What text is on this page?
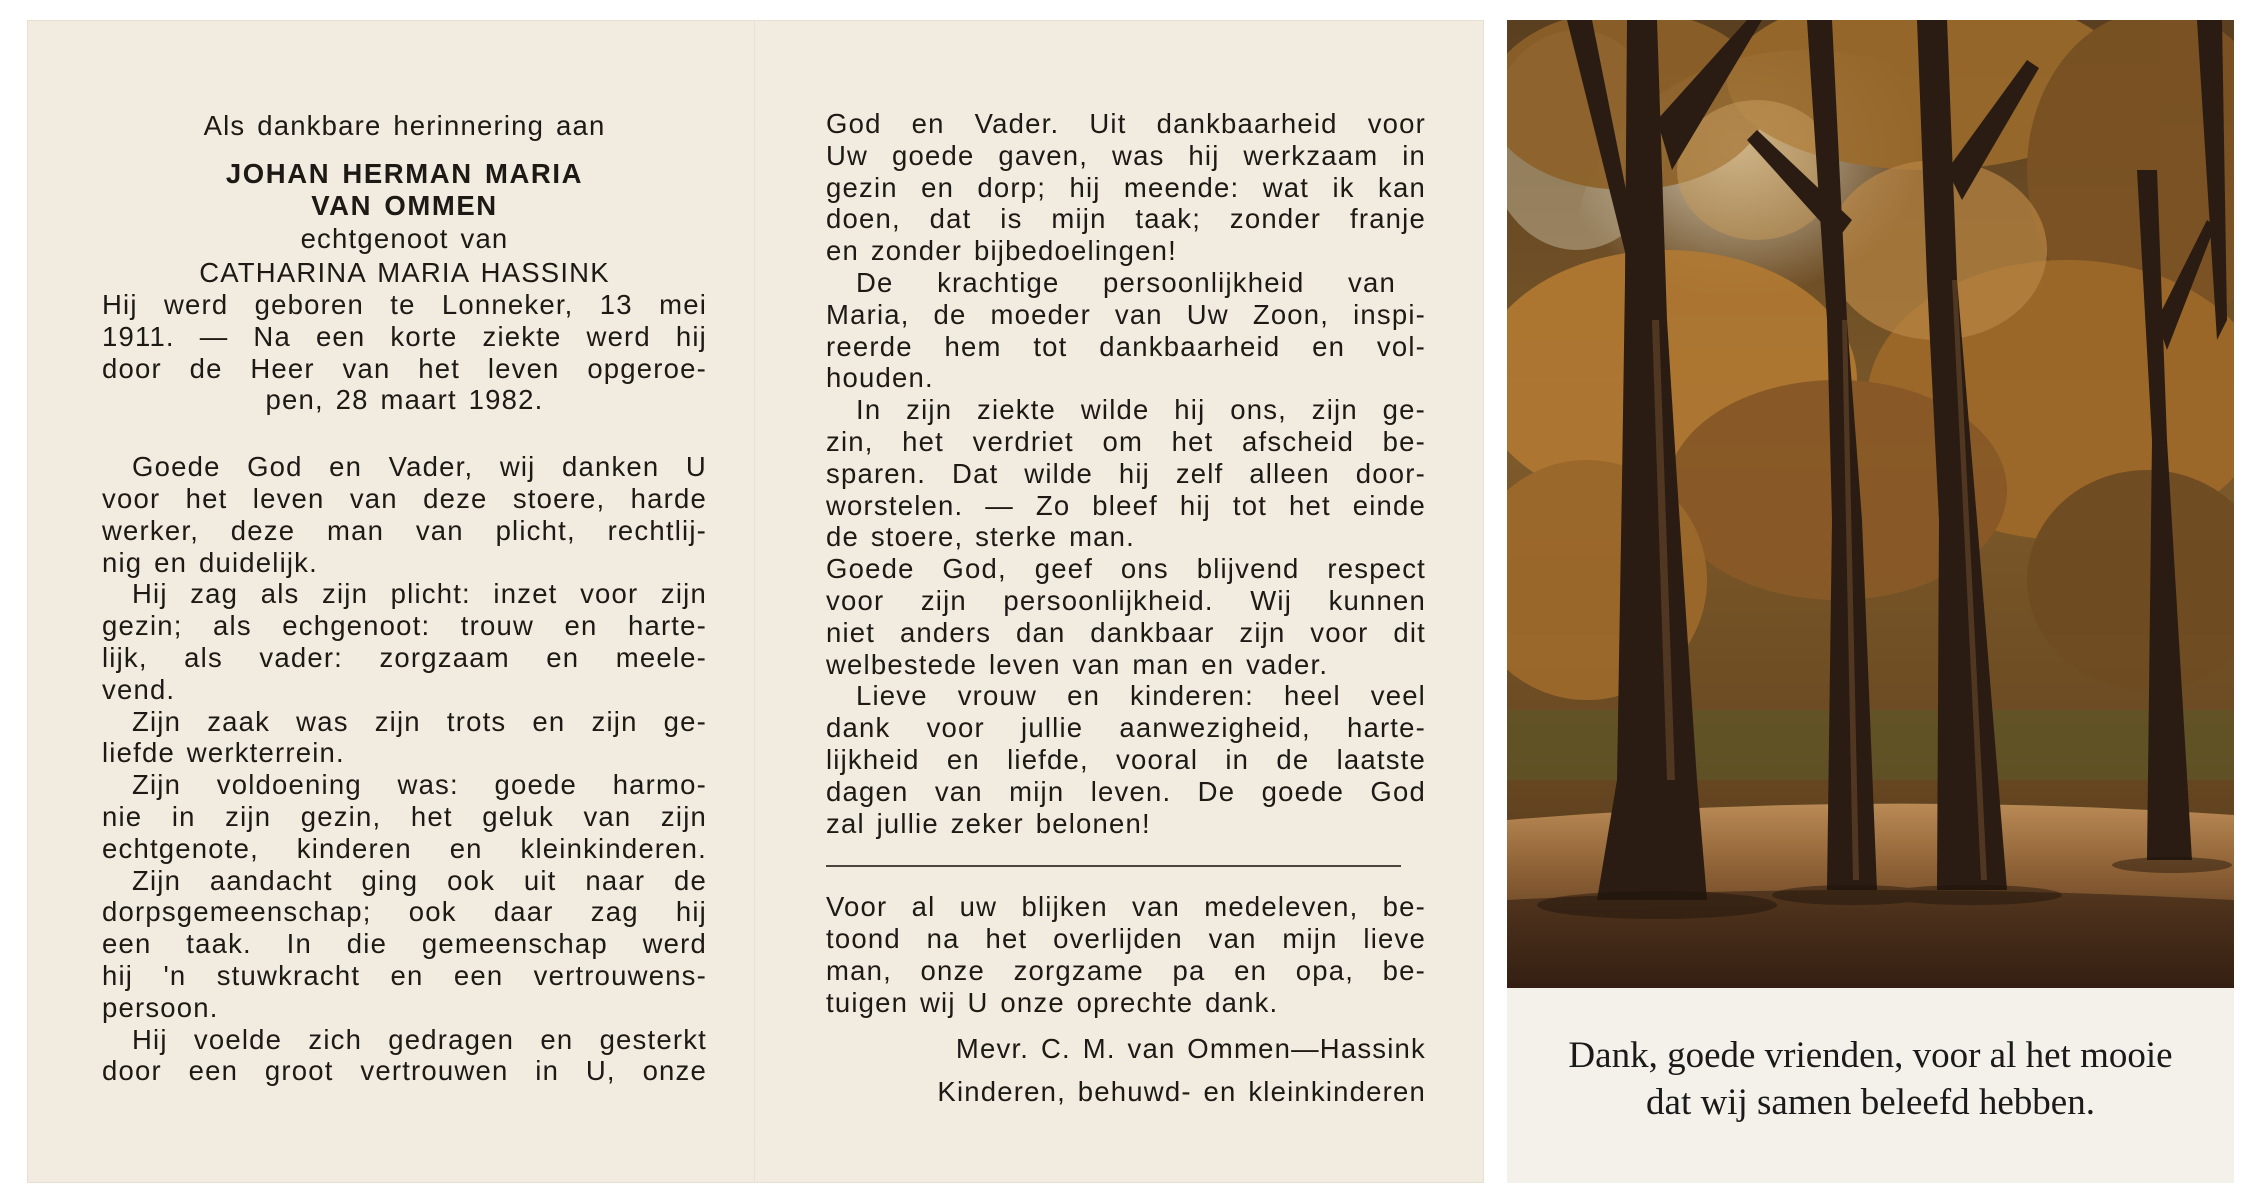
Als dankbare herinnering aan
JOHAN HERMAN MARIA
VAN OMMEN
echtgenoot van
CATHARINA MARIA HASSINK
Hij werd geboren te Lonneker, 13 mei
1911. — Na een korte ziekte werd hij
door de Heer van het leven opgeroe-
pen, 28 maart 1982.
Goede God en Vader, wij danken U
voor het leven van deze stoere, harde
werker, deze man van plicht, rechtlij-
nig en duidelijk.
Hij zag als zijn plicht: inzet voor zijn
gezin; als echgenoot: trouw en harte-
lijk, als vader: zorgzaam en meele-
vend.
Zijn zaak was zijn trots en zijn ge-
liefde werkterrein.
Zijn voldoening was: goede harmo-
nie in zijn gezin, het geluk van zijn
echtgenote, kinderen en kleinkinderen.
Zijn aandacht ging ook uit naar de
dorpsgemeenschap; ook daar zag hij
een taak. In die gemeenschap werd
hij 'n stuwkracht en een vertrouwens-
persoon.
Hij voelde zich gedragen en gesterkt
door een groot vertrouwen in U, onze
God en Vader. Uit dankbaarheid voor
Uw goede gaven, was hij werkzaam in
gezin en dorp; hij meende: wat ik kan
doen, dat is mijn taak; zonder franje
en zonder bijbedoelingen!
De krachtige persoonlijkheid van
Maria, de moeder van Uw Zoon, inspi-
reerde hem tot dankbaarheid en vol-
houden.
In zijn ziekte wilde hij ons, zijn ge-
zin, het verdriet om het afscheid be-
sparen. Dat wilde hij zelf alleen door-
worstelen. — Zo bleef hij tot het einde
de stoere, sterke man.
Goede God, geef ons blijvend respect
voor zijn persoonlijkheid. Wij kunnen
niet anders dan dankbaar zijn voor dit
welbestede leven van man en vader.
Lieve vrouw en kinderen: heel veel
dank voor jullie aanwezigheid, harte-
lijkheid en liefde, vooral in de laatste
dagen van mijn leven. De goede God
zal jullie zeker belonen!
Voor al uw blijken van medeleven, be-
toond na het overlijden van mijn lieve
man, onze zorgzame pa en opa, be-
tuigen wij U onze oprechte dank.
Mevr. C. M. van Ommen—Hassink
Kinderen, behuwd- en kleinkinderen
Dank, goede vrienden, voor al het mooie
dat wij samen beleefd hebben.
